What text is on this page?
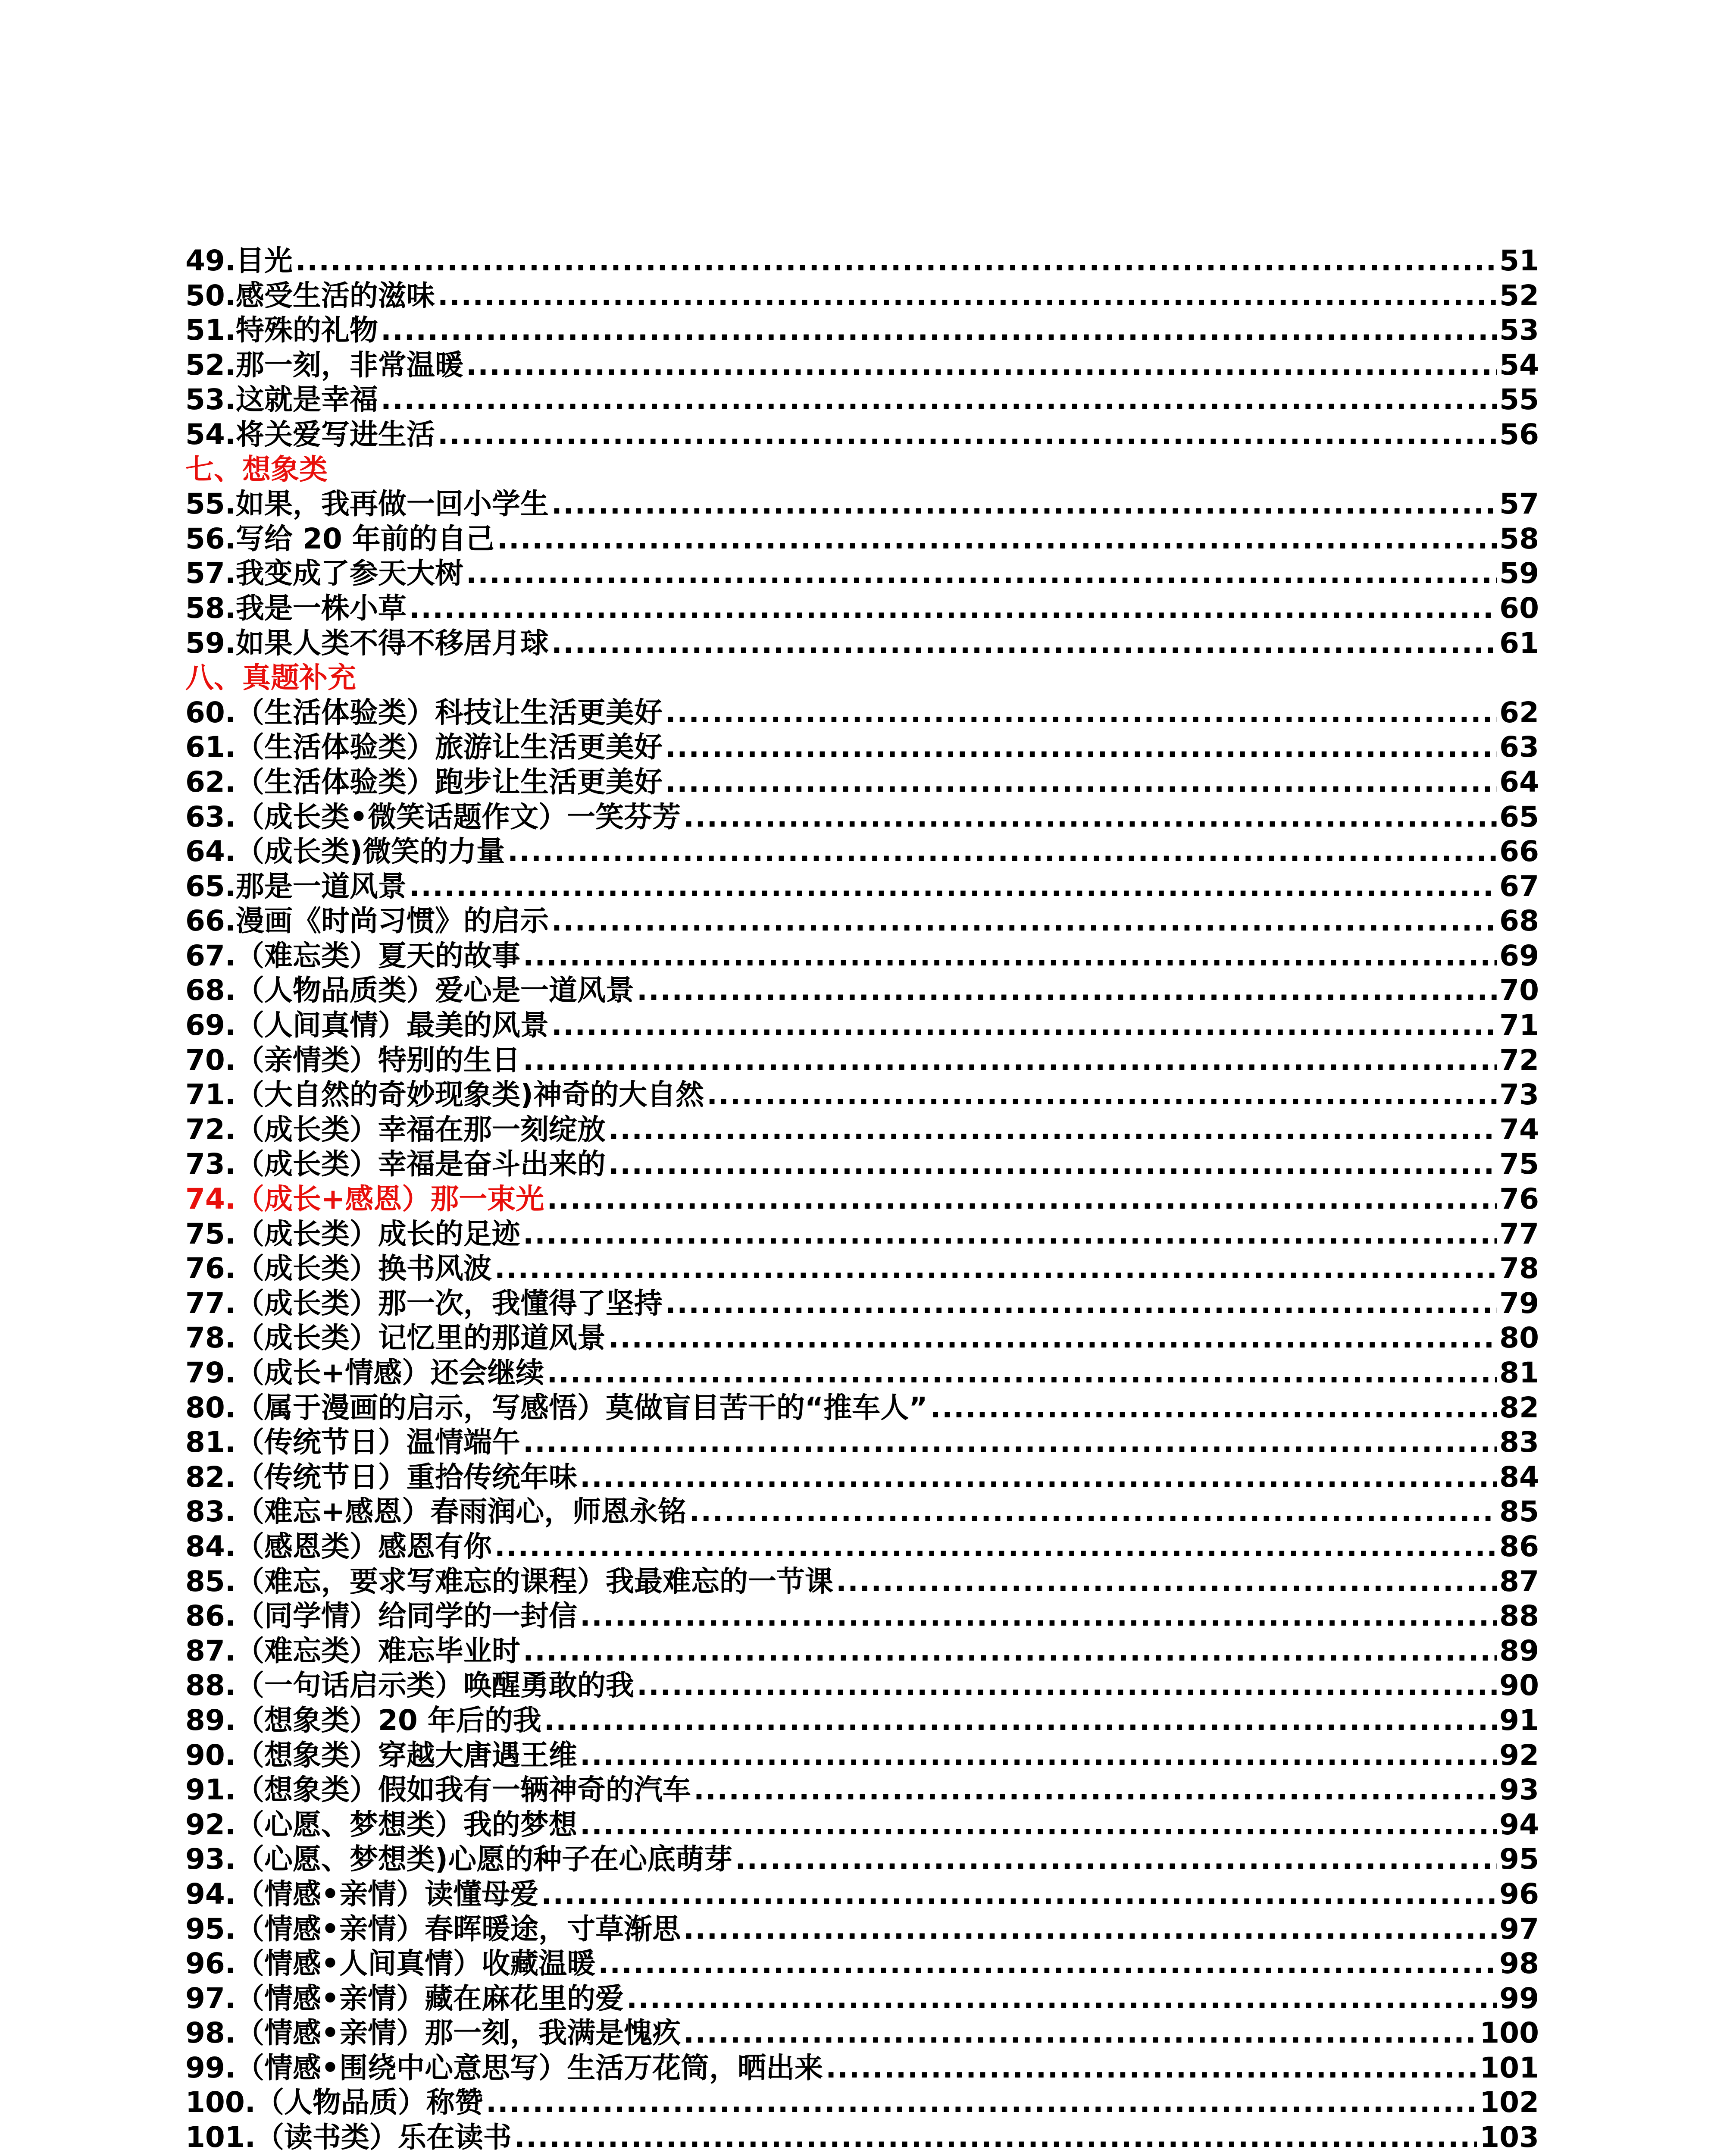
49.目光 .....	51
50.感受生活的滋味 .....	52
51.特殊的礼物 .....	53
52.那一刻，非常温暖 .....	54
53.这就是幸福 .....	55
54.将关爱写进生活 .....	56
七、想象类
55.如果，我再做一回小学生 .....	57
56.写给 20 年前的自己 .....	58
57.我变成了参天大树 .....	59
58.我是一株小草 .....	60
59.如果人类不得不移居月球 .....	61
八、真题补充
60.（生活体验类）科技让生活更美好 .....	62
61.（生活体验类）旅游让生活更美好 .....	63
62.（生活体验类）跑步让生活更美好 .....	64
63.（成长类•微笑话题作文）一笑芬芳 .....	65
64.（成长类)微笑的力量 .....	66
65.那是一道风景 .....	67
66.漫画《时尚习惯》的启示 .....	68
67.（难忘类）夏天的故事 .....	69
68.（人物品质类）爱心是一道风景 .....	70
69.（人间真情）最美的风景 .....	71
70.（亲情类）特别的生日 .....	72
71.（大自然的奇妙现象类)神奇的大自然 .....	73
72.（成长类）幸福在那一刻绽放 .....	74
73.（成长类）幸福是奋斗出来的 .....	75
74.（成长+感恩）那一束光 .....	76
75.（成长类）成长的足迹 .....	77
76.（成长类）换书风波 .....	78
77.（成长类）那一次，我懂得了坚持 .....	79
78.（成长类）记忆里的那道风景 .....	80
79.（成长+情感）还会继续 .....	81
80.（属于漫画的启示，写感悟）莫做盲目苦干的“推车人” .....	82
81.（传统节日）温情端午 .....	83
82.（传统节日）重拾传统年味 .....	84
83.（难忘+感恩）春雨润心，师恩永铭 .....	85
84.（感恩类）感恩有你 .....	86
85.（难忘，要求写难忘的课程）我最难忘的一节课 .....	87
86.（同学情）给同学的一封信 .....	88
87.（难忘类）难忘毕业时 .....	89
88.（一句话启示类）唤醒勇敢的我 .....	90
89.（想象类）20 年后的我 .....	91
90.（想象类）穿越大唐遇王维 .....	92
91.（想象类）假如我有一辆神奇的汽车 .....	93
92.（心愿、梦想类）我的梦想 .....	94
93.（心愿、梦想类)心愿的种子在心底萌芽 .....	95
94.（情感•亲情）读懂母爱 .....	96
95.（情感•亲情）春晖暖途，寸草渐思 .....	97
96.（情感•人间真情）收藏温暖 .....	98
97.（情感•亲情）藏在麻花里的爱 .....	99
98.（情感•亲情）那一刻，我满是愧疚 .....	100
99.（情感•围绕中心意思写）生活万花筒，晒出来 .....	101
100.（人物品质）称赞 .....	102
101.（读书类）乐在读书 .....	103
